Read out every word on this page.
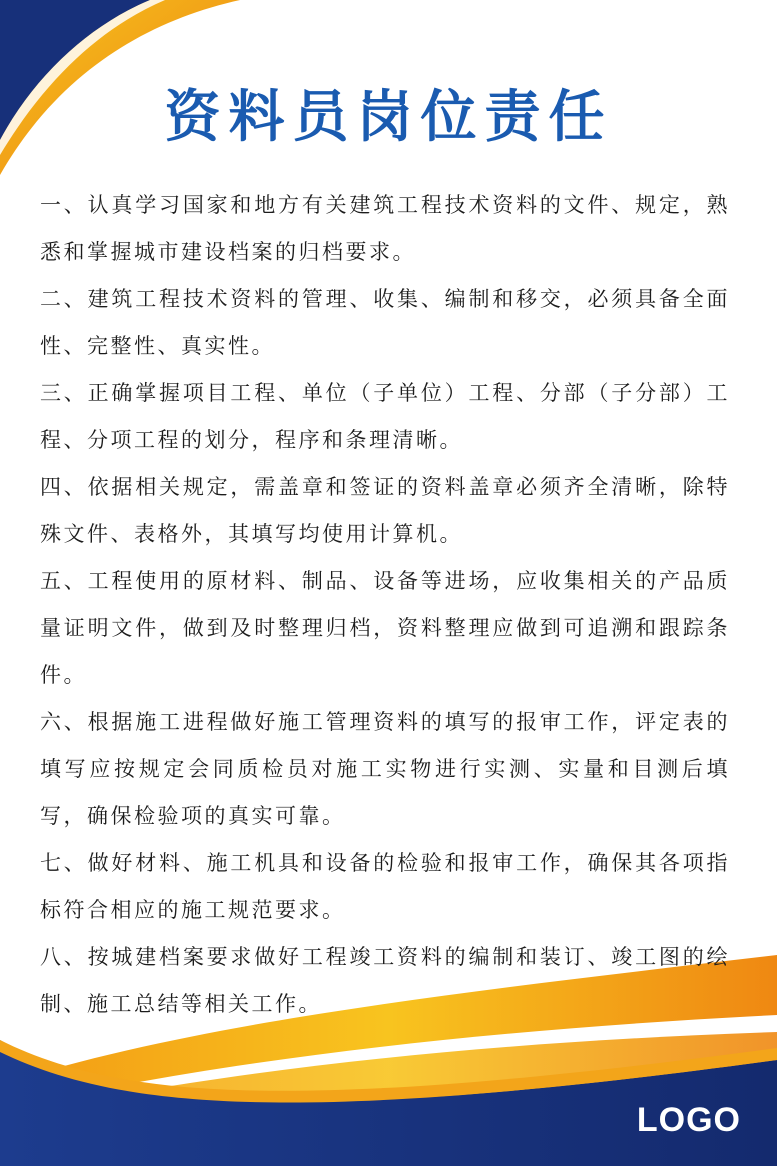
资料员岗位责任

一、认真学习国家和地方有关建筑工程技术资料的文件、规定，熟悉和掌握城市建设档案的归档要求。

二、建筑工程技术资料的管理、收集、编制和移交，必须具备全面性、完整性、真实性。

三、正确掌握项目工程、单位（子单位）工程、分部（子分部）工程、分项工程的划分，程序和条理清晰。

四、依据相关规定，需盖章和签证的资料盖章必须齐全清晰，除特殊文件、表格外，其填写均使用计算机。

五、工程使用的原材料、制品、设备等进场，应收集相关的产品质量证明文件，做到及时整理归档，资料整理应做到可追溯和跟踪条件。

六、根据施工进程做好施工管理资料的填写的报审工作，评定表的填写应按规定会同质检员对施工实物进行实测、实量和目测后填写，确保检验项的真实可靠。

七、做好材料、施工机具和设备的检验和报审工作，确保其各项指标符合相应的施工规范要求。

八、按城建档案要求做好工程竣工资料的编制和装订、竣工图的绘制、施工总结等相关工作。

LOGO
